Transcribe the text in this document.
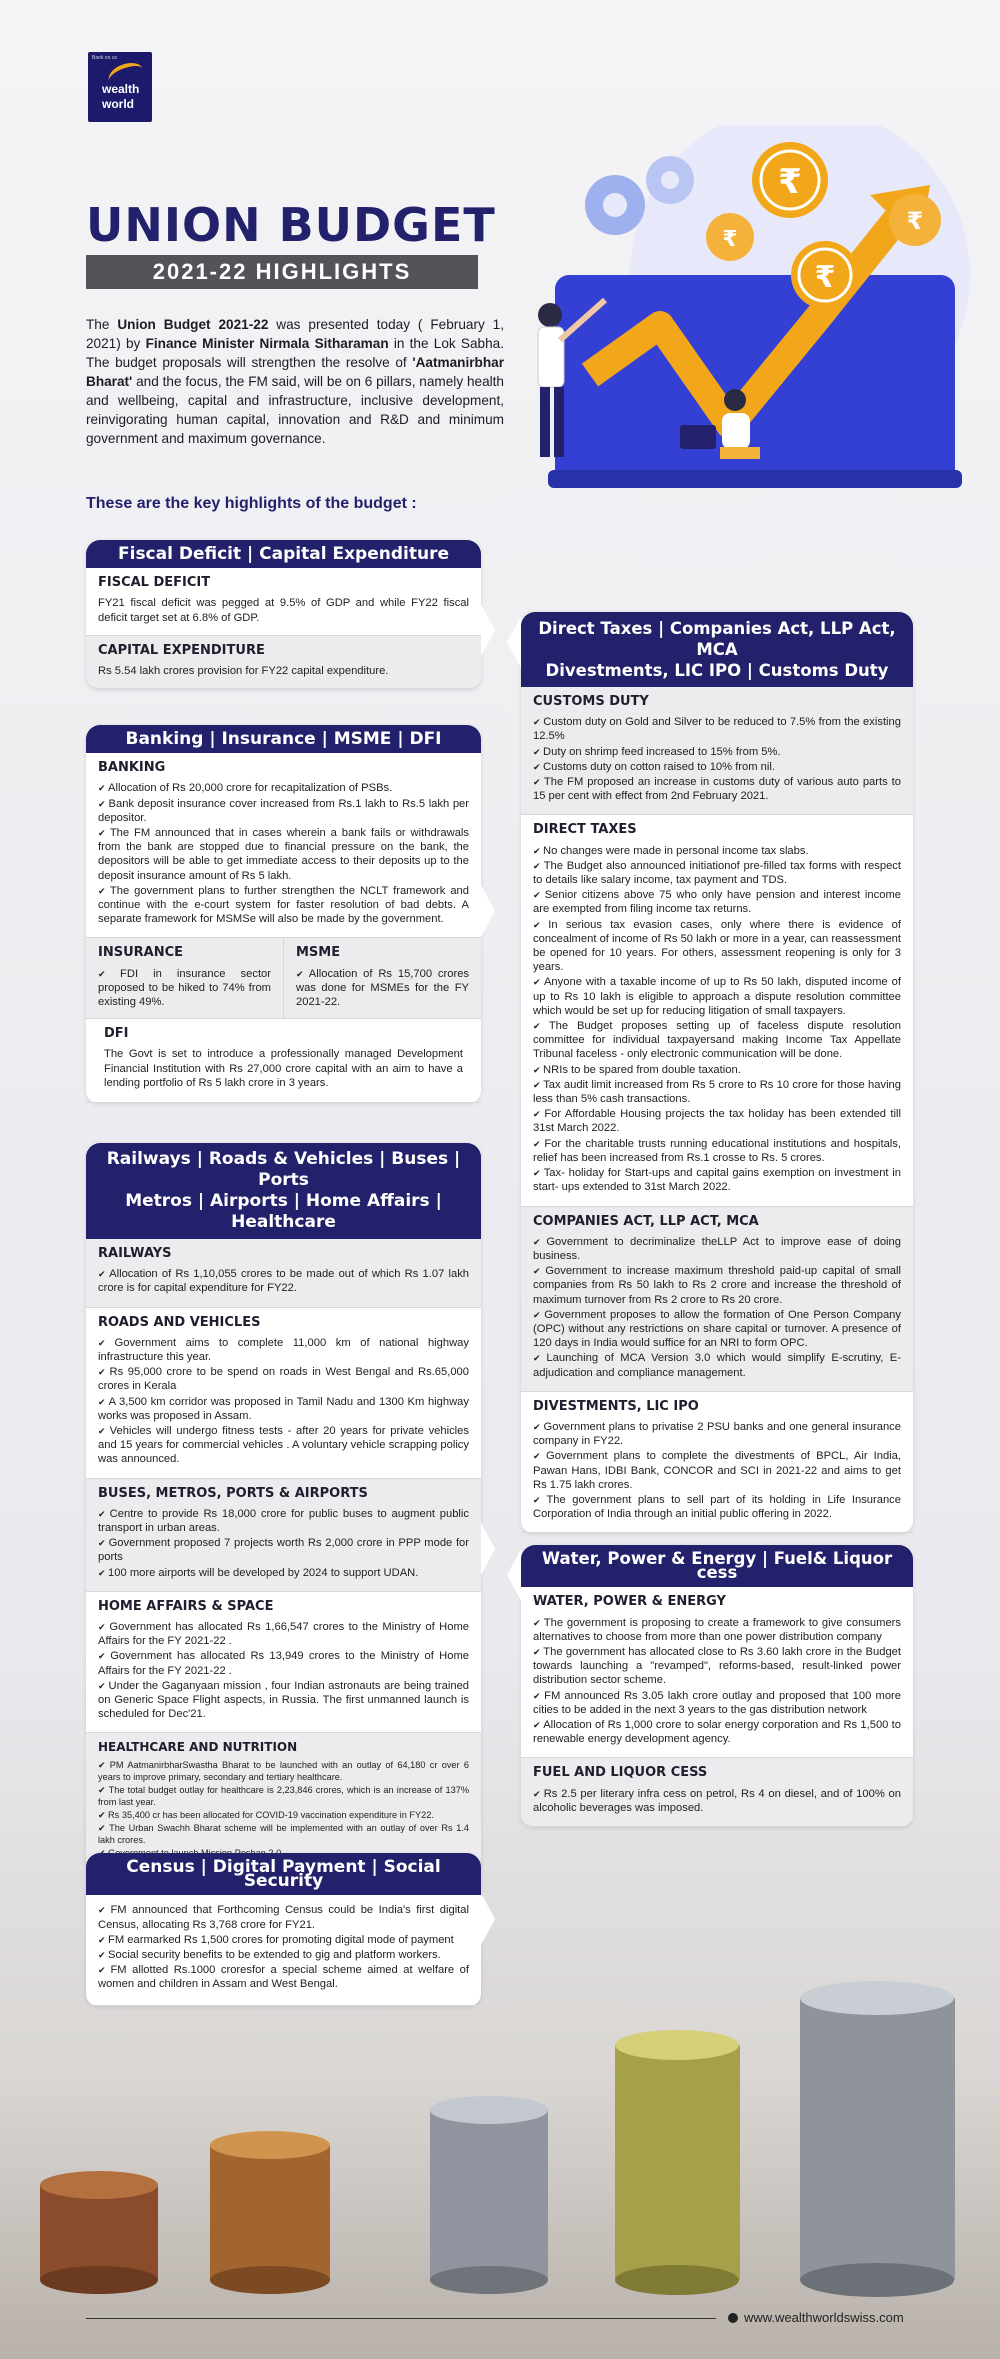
Bank on us
wealth
world
UNION BUDGET
2021-22 HIGHLIGHTS
The Union Budget 2021-22 was presented today ( February 1, 2021) by Finance Minister Nirmala Sitharaman in the Lok Sabha. The budget proposals will strengthen the resolve of 'Aatmanirbhar Bharat' and the focus, the FM said, will be on 6 pillars, namely health and wellbeing, capital and infrastructure, inclusive development, reinvigorating human capital, innovation and R&D and minimum government and maximum governance.
These are the key highlights of the budget :
₹
₹
₹
₹
Fiscal Deficit | Capital Expenditure
FISCAL DEFICIT
FY21 fiscal deficit was pegged at 9.5% of GDP and while FY22 fiscal deficit target set at 6.8% of GDP.
CAPITAL EXPENDITURE
Rs 5.54 lakh crores provision for FY22 capital expenditure.
Banking | Insurance | MSME | DFI
BANKING
✔ Allocation of Rs 20,000 crore for recapitalization of PSBs.
✔ Bank deposit insurance cover increased from Rs.1 lakh to Rs.5 lakh per depositor.
✔ The FM announced that in cases wherein a bank fails or withdrawals from the bank are stopped due to financial pressure on the bank, the depositors will be able to get immediate access to their deposits up to the deposit insurance amount of Rs 5 lakh.
✔ The government plans to further strengthen the NCLT framework and continue with the e-court system for faster resolution of bad debts. A separate framework for MSMSe will also be made by the government.
INSURANCE
✔ FDI in insurance sector proposed to be hiked to 74% from existing 49%.
MSME
✔ Allocation of Rs 15,700 crores was done for MSMEs for the FY 2021-22.
DFI
The Govt is set to introduce a professionally managed Development Financial Institution with Rs 27,000 crore capital with an aim to have a lending portfolio of Rs 5 lakh crore in 3 years.
Railways | Roads & Vehicles | Buses | Ports
Metros | Airports | Home Affairs | Healthcare
RAILWAYS
✔ Allocation of Rs 1,10,055 crores to be made out of which Rs 1.07 lakh crore is for capital expenditure for FY22.
ROADS AND VEHICLES
✔ Government aims to complete 11,000 km of national highway infrastructure this year.
✔ Rs 95,000 crore to be spend on roads in West Bengal and Rs.65,000 crores in Kerala
✔ A 3,500 km corridor was proposed in Tamil Nadu and 1300 Km highway works was proposed in Assam.
✔ Vehicles will undergo fitness tests - after 20 years for private vehicles and 15 years for commercial vehicles . A voluntary vehicle scrapping policy was announced.
BUSES, METROS, PORTS & AIRPORTS
✔ Centre to provide Rs 18,000 crore for public buses to augment public transport in urban areas.
✔ Government proposed 7 projects worth Rs 2,000 crore in PPP mode for ports
✔ 100 more airports will be developed by 2024 to support UDAN.
HOME AFFAIRS & SPACE
✔ Government has allocated Rs 1,66,547 crores to the Ministry of Home Affairs for the FY 2021-22 .
✔ Government has allocated Rs 13,949 crores to the Ministry of Home Affairs for the FY 2021-22 .
✔ Under the Gaganyaan mission , four Indian astronauts are being trained on Generic Space Flight aspects, in Russia. The first unmanned launch is scheduled for Dec'21.
HEALTHCARE AND NUTRITION
✔ PM AatmanirbharSwastha Bharat to be launched with an outlay of 64,180 cr over 6 years to improve primary, secondary and tertiary healthcare.
✔ The total budget outlay for healthcare is 2,23,846 crores, which is an increase of 137% from last year.
✔ Rs 35,400 cr has been allocated for COVID-19 vaccination expenditure in FY22.
✔ The Urban Swachh Bharat scheme will be implemented with an outlay of over Rs 1.4 lakh crores.
✔
Census | Digital Payment | Social Security
✔ FM announced that Forthcoming Census could be India's first digital Census, allocating Rs 3,768 crore for FY21.
✔ FM earmarked Rs 1,500 crores for promoting digital mode of payment
✔ Social security benefits to be extended to gig and platform workers.
✔ FM allotted Rs.1000 croresfor a special scheme aimed at welfare of women and children in Assam and West Bengal.
Direct Taxes | Companies Act, LLP Act, MCA
Divestments, LIC IPO | Customs Duty
CUSTOMS DUTY
✔ Custom duty on Gold and Silver to be reduced to 7.5% from the existing 12.5%
✔ Duty on shrimp feed increased to 15% from 5%.
✔ Customs duty on cotton raised to 10% from nil.
✔ The FM proposed an increase in customs duty of various auto parts to 15 per cent with effect from 2nd February 2021.
DIRECT TAXES
✔ No changes were made in personal income tax slabs.
✔ The Budget also announced initiationof pre-filled tax forms with respect to details like salary income, tax payment and TDS.
✔ Senior citizens above 75 who only have pension and interest income are exempted from filing income tax returns.
✔ In serious tax evasion cases, only where there is evidence of concealment of income of Rs 50 lakh or more in a year, can reassessment be opened for 10 years. For others, assessment reopening is only for 3 years.
✔ Anyone with a taxable income of up to Rs 50 lakh, disputed income of up to Rs 10 lakh is eligible to approach a dispute resolution committee which would be set up for reducing litigation of small taxpayers.
✔ The Budget proposes setting up of faceless dispute resolution committee for individual taxpayersand making Income Tax Appellate Tribunal faceless - only electronic communication will be done.
✔ NRIs to be spared from double taxation.
✔ Tax audit limit increased from Rs 5 crore to Rs 10 crore for those having less than 5% cash transactions.
✔ For Affordable Housing projects the tax holiday has been extended till 31st March 2022.
✔ For the charitable trusts running educational institutions and hospitals, relief has been increased from Rs.1 crosse to Rs. 5 crores.
✔ Tax- holiday for Start-ups and capital gains exemption on investment in start- ups extended to 31st March 2022.
COMPANIES ACT, LLP ACT, MCA
✔ Government to decriminalize theLLP Act to improve ease of doing business.
✔ Government to increase maximum threshold paid-up capital of small companies from Rs 50 lakh to Rs 2 crore and increase the threshold of maximum turnover from Rs 2 crore to Rs 20 crore.
✔ Government proposes to allow the formation of One Person Company (OPC) without any restrictions on share capital or turnover. A presence of 120 days in India would suffice for an NRI to form OPC.
✔ Launching of MCA Version 3.0 which would simplify E-scrutiny, E-adjudication and compliance management.
DIVESTMENTS, LIC IPO
✔ Government plans to privatise 2 PSU banks and one general insurance company in FY22.
✔ Government plans to complete the divestments of BPCL, Air India, Pawan Hans, IDBI Bank, CONCOR and SCI in 2021-22 and aims to get Rs 1.75 lakh crores.
✔ The government plans to sell part of its holding in Life Insurance Corporation of India through an initial public offering in 2022.
Water, Power & Energy | Fuel& Liquor cess
WATER, POWER & ENERGY
✔ The government is proposing to create a framework to give consumers alternatives to choose from more than one power distribution company
✔ The government has allocated close to Rs 3.60 lakh crore in the Budget towards launching a "revamped", reforms-based, result-linked power distribution sector scheme.
✔ FM announced Rs 3.05 lakh crore outlay and proposed that 100 more cities to be added in the next 3 years to the gas distribution network
✔ Allocation of Rs 1,000 crore to solar energy corporation and Rs 1,500 to renewable energy development agency.
FUEL AND LIQUOR CESS
✔ Rs 2.5 per literary infra cess on petrol, Rs 4 on diesel, and of 100% on alcoholic beverages was imposed.
www.wealthworldswiss.com
